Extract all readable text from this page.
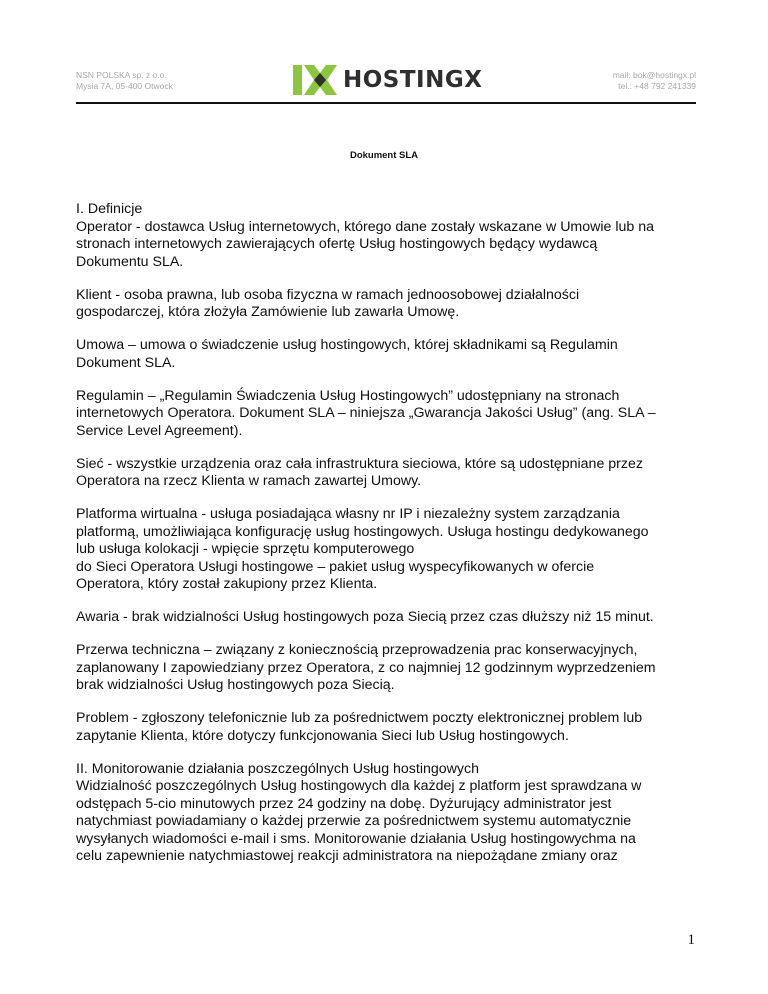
NSN POLSKA sp. z o.o.
Mysia 7A, 05-400 Otwock	HOSTINGX	mail: bok@hostingx.pl
tel.: +48 792 241339
Dokument SLA

I. Definicje
Operator - dostawca Usług internetowych, którego dane zostały wskazane w Umowie lub na
stronach internetowych zawierających ofertę Usług hostingowych będący wydawcą
Dokumentu SLA.

Klient - osoba prawna, lub osoba fizyczna w ramach jednoosobowej działalności
gospodarczej, która złożyła Zamówienie lub zawarła Umowę.

Umowa – umowa o świadczenie usług hostingowych, której składnikami są Regulamin
Dokument SLA.

Regulamin – „Regulamin Świadczenia Usług Hostingowych” udostępniany na stronach
internetowych Operatora. Dokument SLA – niniejsza „Gwarancja Jakości Usług” (ang. SLA –
Service Level Agreement).

Sieć - wszystkie urządzenia oraz cała infrastruktura sieciowa, które są udostępniane przez
Operatora na rzecz Klienta w ramach zawartej Umowy.

Platforma wirtualna - usługa posiadająca własny nr IP i niezależny system zarządzania
platformą, umożliwiająca konfigurację usług hostingowych. Usługa hostingu dedykowanego
lub usługa kolokacji - wpięcie sprzętu komputerowego
do Sieci Operatora Usługi hostingowe – pakiet usług wyspecyfikowanych w ofercie
Operatora, który został zakupiony przez Klienta.

Awaria - brak widzialności Usług hostingowych poza Siecią przez czas dłuższy niż 15 minut.

Przerwa techniczna – związany z koniecznością przeprowadzenia prac konserwacyjnych,
zaplanowany I zapowiedziany przez Operatora, z co najmniej 12 godzinnym wyprzedzeniem
brak widzialności Usług hostingowych poza Siecią.

Problem - zgłoszony telefonicznie lub za pośrednictwem poczty elektronicznej problem lub
zapytanie Klienta, które dotyczy funkcjonowania Sieci lub Usług hostingowych.

II. Monitorowanie działania poszczególnych Usług hostingowych
Widzialność poszczególnych Usług hostingowych dla każdej z platform jest sprawdzana w
odstępach 5-cio minutowych przez 24 godziny na dobę. Dyżurujący administrator jest
natychmiast powiadamiany o każdej przerwie za pośrednictwem systemu automatycznie
wysyłanych wiadomości e-mail i sms. Monitorowanie działania Usług hostingowychma na
celu zapewnienie natychmiastowej reakcji administratora na niepożądane zmiany oraz

1
